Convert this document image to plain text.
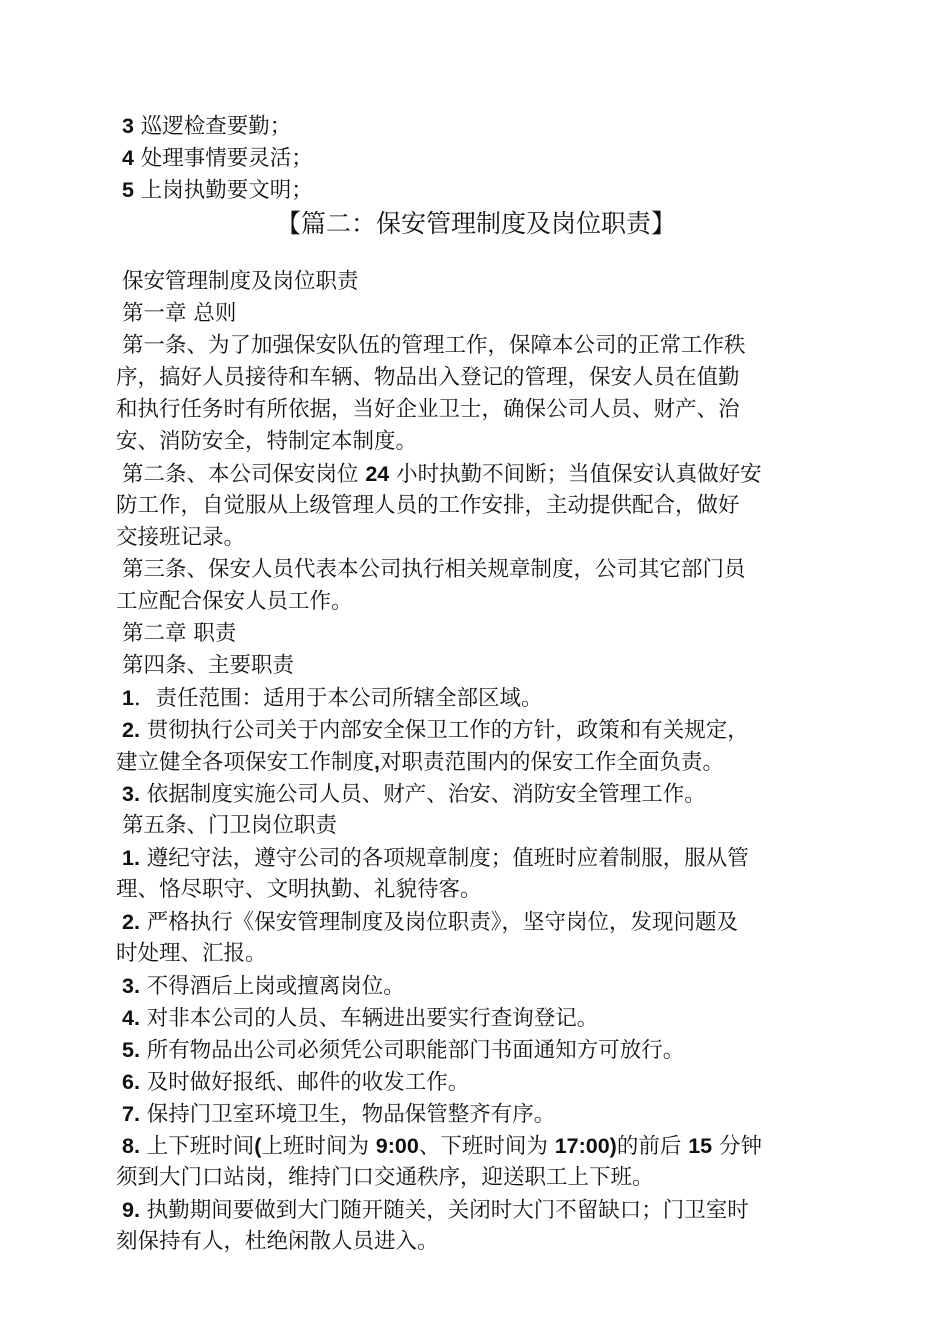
3 巡逻检查要勤；
4 处理事情要灵活；
5 上岗执勤要文明；
【篇二：保安管理制度及岗位职责】
保安管理制度及岗位职责
第一章 总则
第一条、为了加强保安队伍的管理工作，保障本公司的正常工作秩
序，搞好人员接待和车辆、物品出入登记的管理，保安人员在值勤
和执行任务时有所依据，当好企业卫士，确保公司人员、财产、治
安、消防安全，特制定本制度。
第二条、本公司保安岗位 24 小时执勤不间断；当值保安认真做好安
防工作，自觉服从上级管理人员的工作安排，主动提供配合，做好
交接班记录。
第三条、保安人员代表本公司执行相关规章制度，公司其它部门员
工应配合保安人员工作。
第二章 职责
第四条、主要职责
1．责任范围：适用于本公司所辖全部区域。
2. 贯彻执行公司关于内部安全保卫工作的方针，政策和有关规定，
建立健全各项保安工作制度,对职责范围内的保安工作全面负责。
3. 依据制度实施公司人员、财产、治安、消防安全管理工作。
第五条、门卫岗位职责
1. 遵纪守法，遵守公司的各项规章制度；值班时应着制服，服从管
理、恪尽职守、文明执勤、礼貌待客。
2. 严格执行《保安管理制度及岗位职责》，坚守岗位，发现问题及
时处理、汇报。
3. 不得酒后上岗或擅离岗位。
4. 对非本公司的人员、车辆进出要实行查询登记。
5. 所有物品出公司必须凭公司职能部门书面通知方可放行。
6. 及时做好报纸、邮件的收发工作。
7. 保持门卫室环境卫生，物品保管整齐有序。
8. 上下班时间(上班时间为 9:00、下班时间为 17:00)的前后 15 分钟
须到大门口站岗，维持门口交通秩序，迎送职工上下班。
9. 执勤期间要做到大门随开随关，关闭时大门不留缺口；门卫室时
刻保持有人，杜绝闲散人员进入。
